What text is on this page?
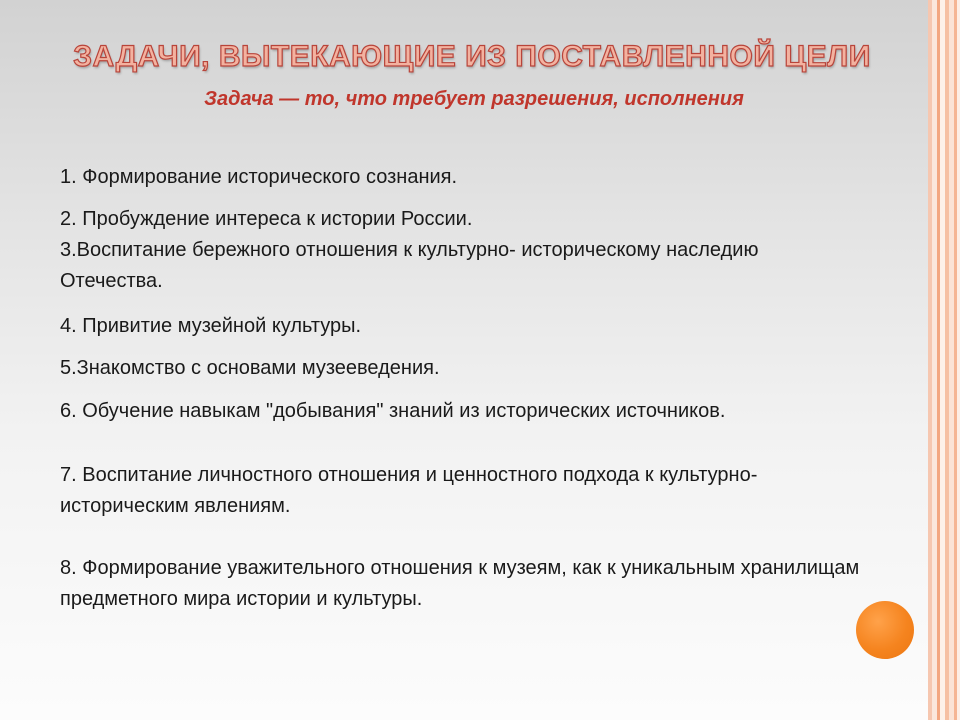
ЗАДАЧИ, ВЫТЕКАЮЩИЕ ИЗ ПОСТАВЛЕННОЙ ЦЕЛИ
Задача — то, что требует разрешения, исполнения

1. Формирование исторического сознания.

2. Пробуждение интереса к истории России.

3.Воспитание бережного отношения к культурно- историческому наследию Отечества.

4. Привитие музейной культуры.

5.Знакомство с основами музееведения.

6. Обучение навыкам "добывания" знаний из исторических источников.

7. Воспитание личностного отношения и ценностного подхода к культурно-историческим явлениям.

8. Формирование уважительного отношения к музеям, как к уникальным хранилищам предметного мира истории и культуры.
